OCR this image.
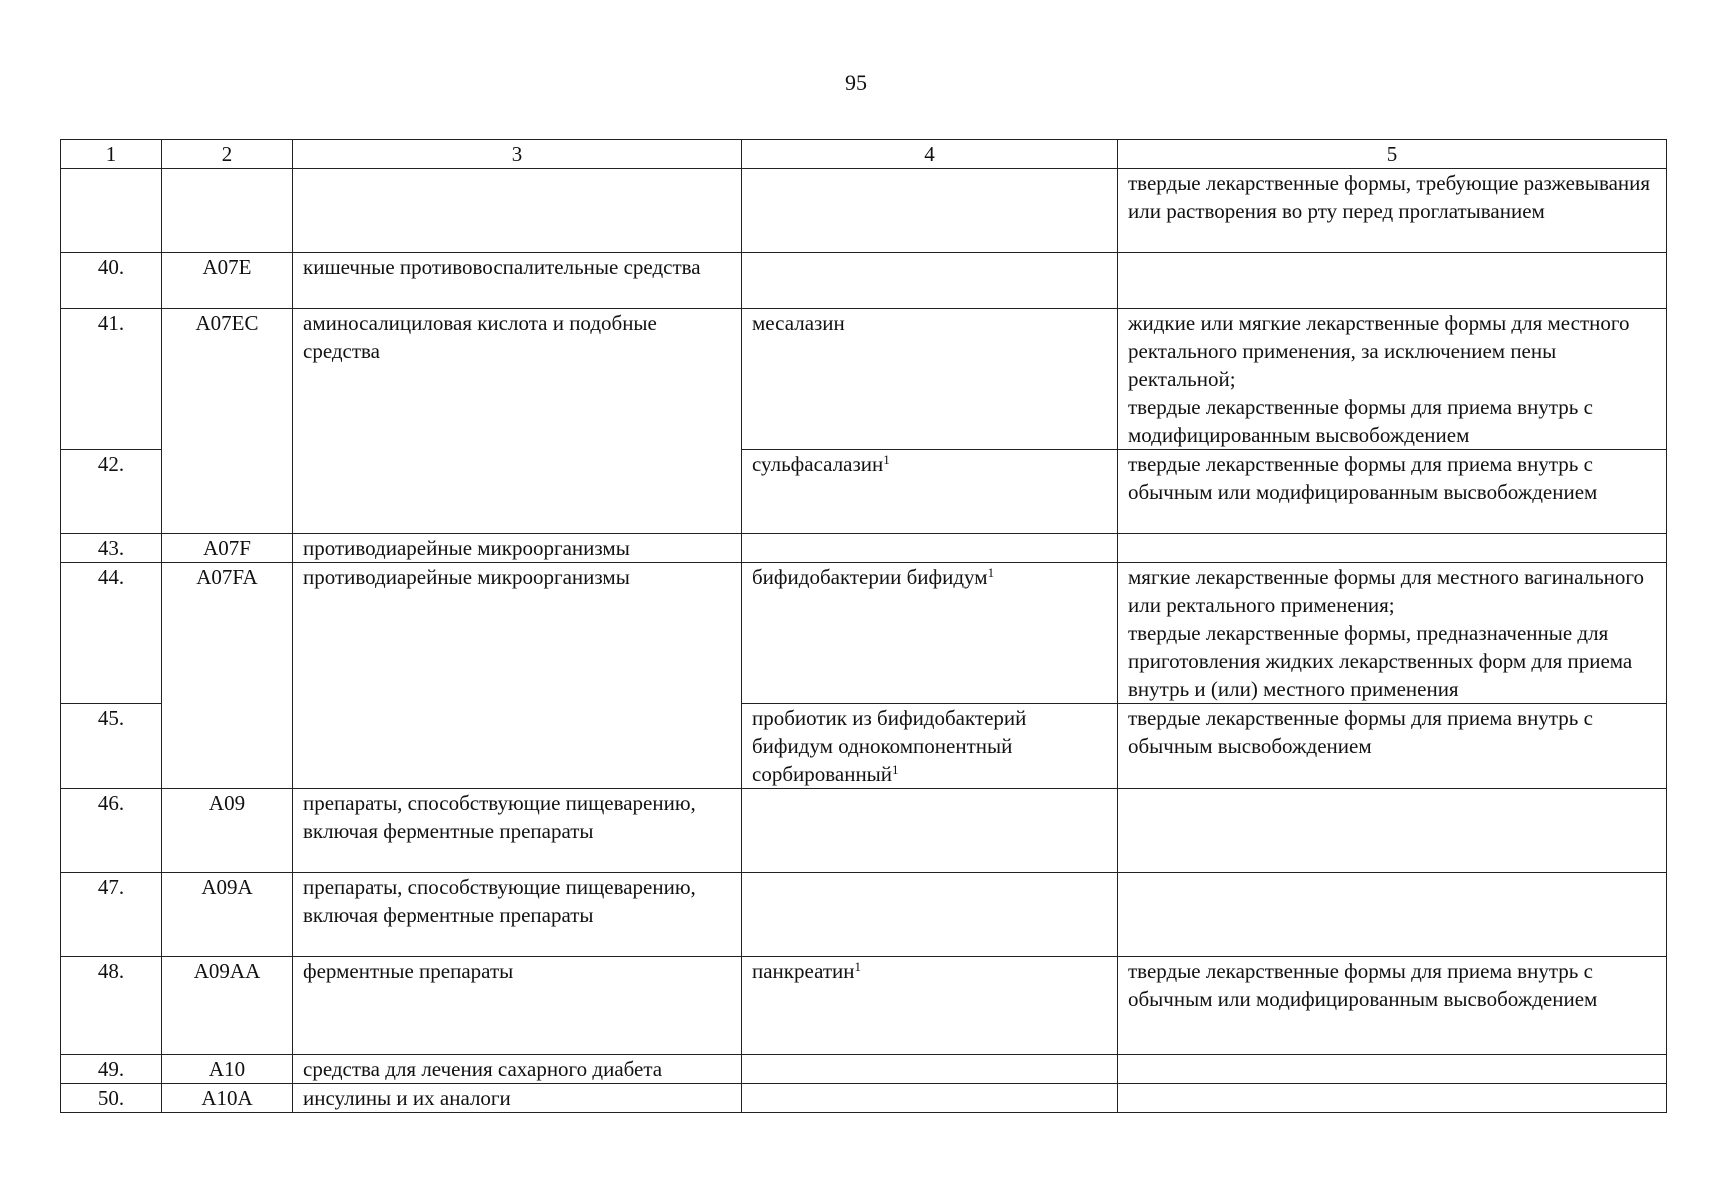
95
1	2	3	4	5
				твердые лекарственные формы, требующие разжевывания или растворения во рту перед проглатыванием
40.	A07E	кишечные противовоспалительные средства		
41.	A07EC	аминосалициловая кислота и подобные средства	месалазин	жидкие или мягкие лекарственные формы для местного ректального применения, за исключением пены ректальной;
твердые лекарственные формы для приема внутрь с модифицированным высвобождением

42.			сульфасалазин$^1$	твердые лекарственные формы для приема внутрь с обычным или модифицированным высвобождением
43.	A07F	противодиарейные микроорганизмы		
44.	A07FA	противодиарейные микроорганизмы	бифидобактерии бифидум$^1$	мягкие лекарственные формы для местного вагинального или ректального применения;
твердые лекарственные формы, предназначенные для приготовления жидких лекарственных форм для приема внутрь и (или) местного применения

45.			пробиотик из бифидобактерий бифидум однокомпонентный сорбированный$^1$	твердые лекарственные формы для приема внутрь с обычным высвобождением
46.	A09	препараты, способствующие пищеварению, включая ферментные препараты		
47.	A09A	препараты, способствующие пищеварению, включая ферментные препараты		
48.	A09AA	ферментные препараты	панкреатин$^1$	твердые лекарственные формы для приема внутрь с обычным или модифицированным высвобождением
49.	A10	средства для лечения сахарного диабета		
50.	A10A	инсулины и их аналоги		
